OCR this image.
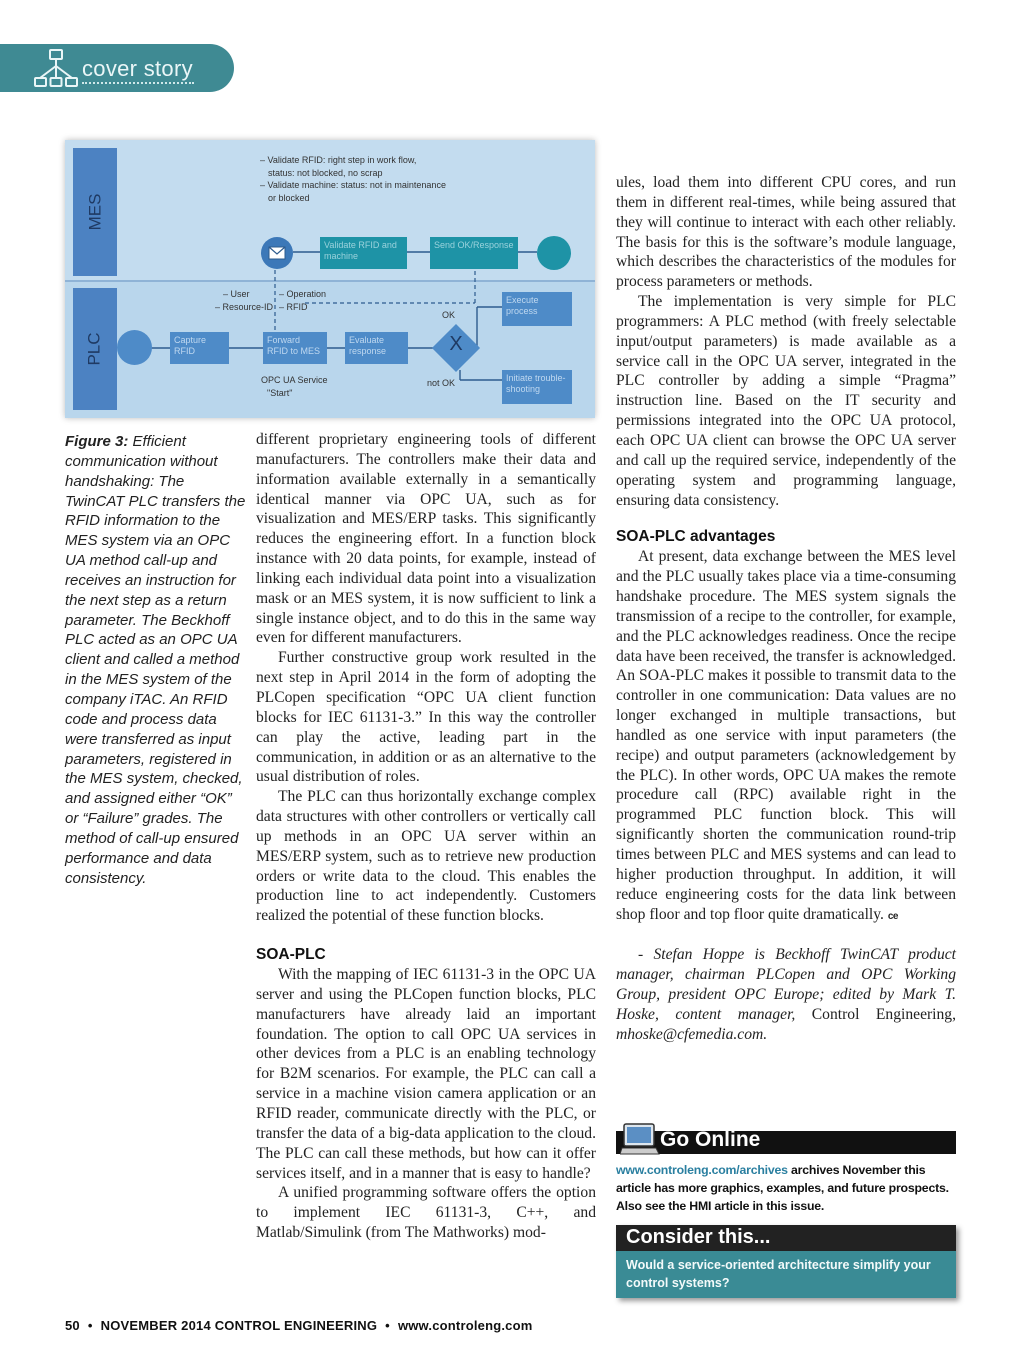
cover story
MES
PLC
– Validate RFID: right step in work flow,
status: not blocked, no scrap
– Validate machine: status: not in maintenance
or blocked
Validate RFID and machine
Send OK/Response
– User
– Resource-ID
– Operation
– RFID
OK
not OK
Capture RFID
Forward RFID to MES
Evaluate response	X
Execute process
Initiate trouble-shooting
OPC UA Service
"Start"
Figure 3: Efficient communication without handshaking: The TwinCAT PLC transfers the RFID information to the MES system via an OPC UA method call-up and receives an instruction for the next step as a return parameter. The Beckhoff PLC acted as an OPC UA client and called a method in the MES system of the company iTAC. An RFID code and process data were transferred as input parameters, registered in the MES system, checked, and assigned either “OK” or “Failure” grades. The method of call-up ensured performance and data consistency.

different proprietary engineering tools of different manufacturers. The controllers make their data and information available externally in a semantically identical manner via OPC UA, such as for visualization and MES/ERP tasks. This significantly reduces the engineering effort. In a function block instance with 20 data points, for example, instead of linking each individual data point into a visualization mask or an MES system, it is now sufficient to link a single instance object, and to do this in the same way even for different manufacturers.

Further constructive group work resulted in the next step in April 2014 in the form of adopting the PLCopen specification “OPC UA client function blocks for IEC 61131-3.” In this way the controller can play the active, leading part in the communication, in addition or as an alternative to the usual distribution of roles.

The PLC can thus horizontally exchange complex data structures with other controllers or vertically call up methods in an OPC UA server within an MES/ERP system, such as to retrieve new production orders or write data to the cloud. This enables the production line to act independently. Customers realized the potential of these function blocks.

SOA-PLC

With the mapping of IEC 61131-3 in the OPC UA server and using the PLCopen function blocks, PLC manufacturers have already laid an important foundation. The option to call OPC UA services in other devices from a PLC is an enabling technology for B2M scenarios. For example, the PLC can call a service in a machine vision camera application or an RFID reader, communicate directly with the PLC, or transfer the data of a big-data application to the cloud. The PLC can call these methods, but how can it offer services itself, and in a manner that is easy to handle?

A unified programming software offers the option to implement IEC 61131-3, C++, and Matlab/Simulink (from The Mathworks) mod-

ules, load them into different CPU cores, and run them in different real-times, while being assured that they will continue to interact with each other reliably. The basis for this is the software’s module language, which describes the characteristics of the modules for process parameters or methods.

The implementation is very simple for PLC programmers: A PLC method (with freely selectable input/output parameters) is made available as a service call in the OPC UA server, integrated in the PLC controller by adding a simple “Pragma” instruction line. Based on the IT security and permissions integrated into the OPC UA protocol, each OPC UA client can browse the OPC UA server and call up the required service, independently of the operating system and programming language, ensuring data consistency.

SOA-PLC advantages

At present, data exchange between the MES level and the PLC usually takes place via a time-consuming handshake procedure. The MES system signals the transmission of a recipe to the controller, for example, and the PLC acknowledges readiness. Once the recipe data have been received, the transfer is acknowledged. An SOA-PLC makes it possible to transmit data to the controller in one communication: Data values are no longer exchanged in multiple transactions, but handled as one service with input parameters (the recipe) and output parameters (acknowledgement by the PLC). In other words, OPC UA makes the remote procedure call (RPC) available right in the programmed PLC function block. This will significantly shorten the communication round-trip times between PLC and MES systems and can lead to higher production throughput. In addition, it will reduce engineering costs for the data link between shop floor and top floor quite dramatically. ce

- Stefan Hoppe is Beckhoff TwinCAT product manager, chairman PLCopen and OPC Working Group, president OPC Europe; edited by Mark T. Hoske, content manager, Control Engineering, mhoske@cfemedia.com.

Go Online
www.controleng.com/archives archives November this article has more graphics, examples, and future prospects. Also see the HMI article in this issue.
Consider this...
Would a service-oriented architecture simplify your control systems?
50 • NOVEMBER 2014 CONTROL ENGINEERING • www.controleng.com
